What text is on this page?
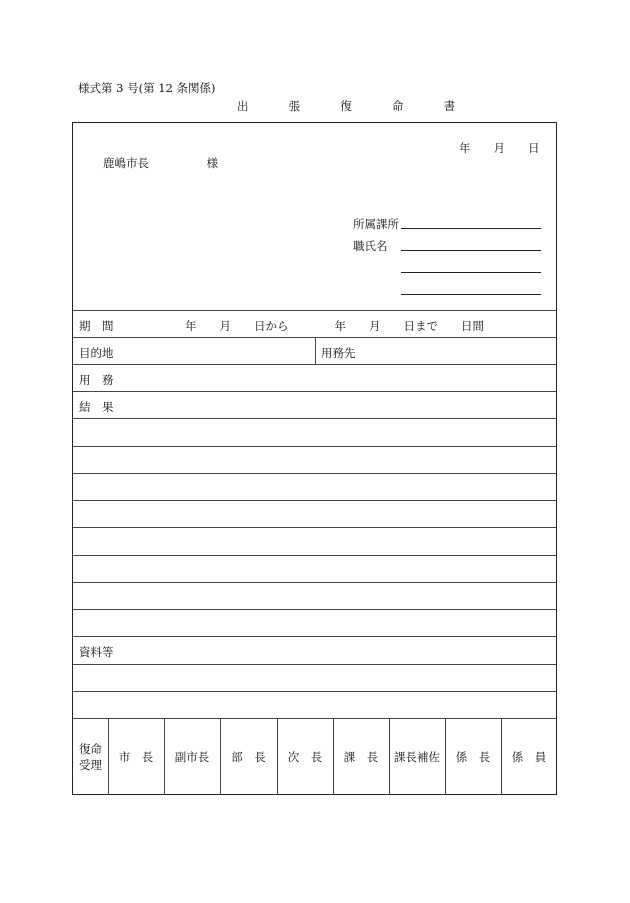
様式第 3 号(第 12 条関係)
出　 張 　復 　命 　書
年　　月　　日
鹿嶋市長　　　　　様
所属課所
職氏名
期　間	年　　月　　日から　　　　年　　月　　日まで　　日間
目的地	用務先
用　務
結　果
資料等
復命
受理
市　長	副市長	部　長	次　長	課　長	課長補佐	係　長	係　員
